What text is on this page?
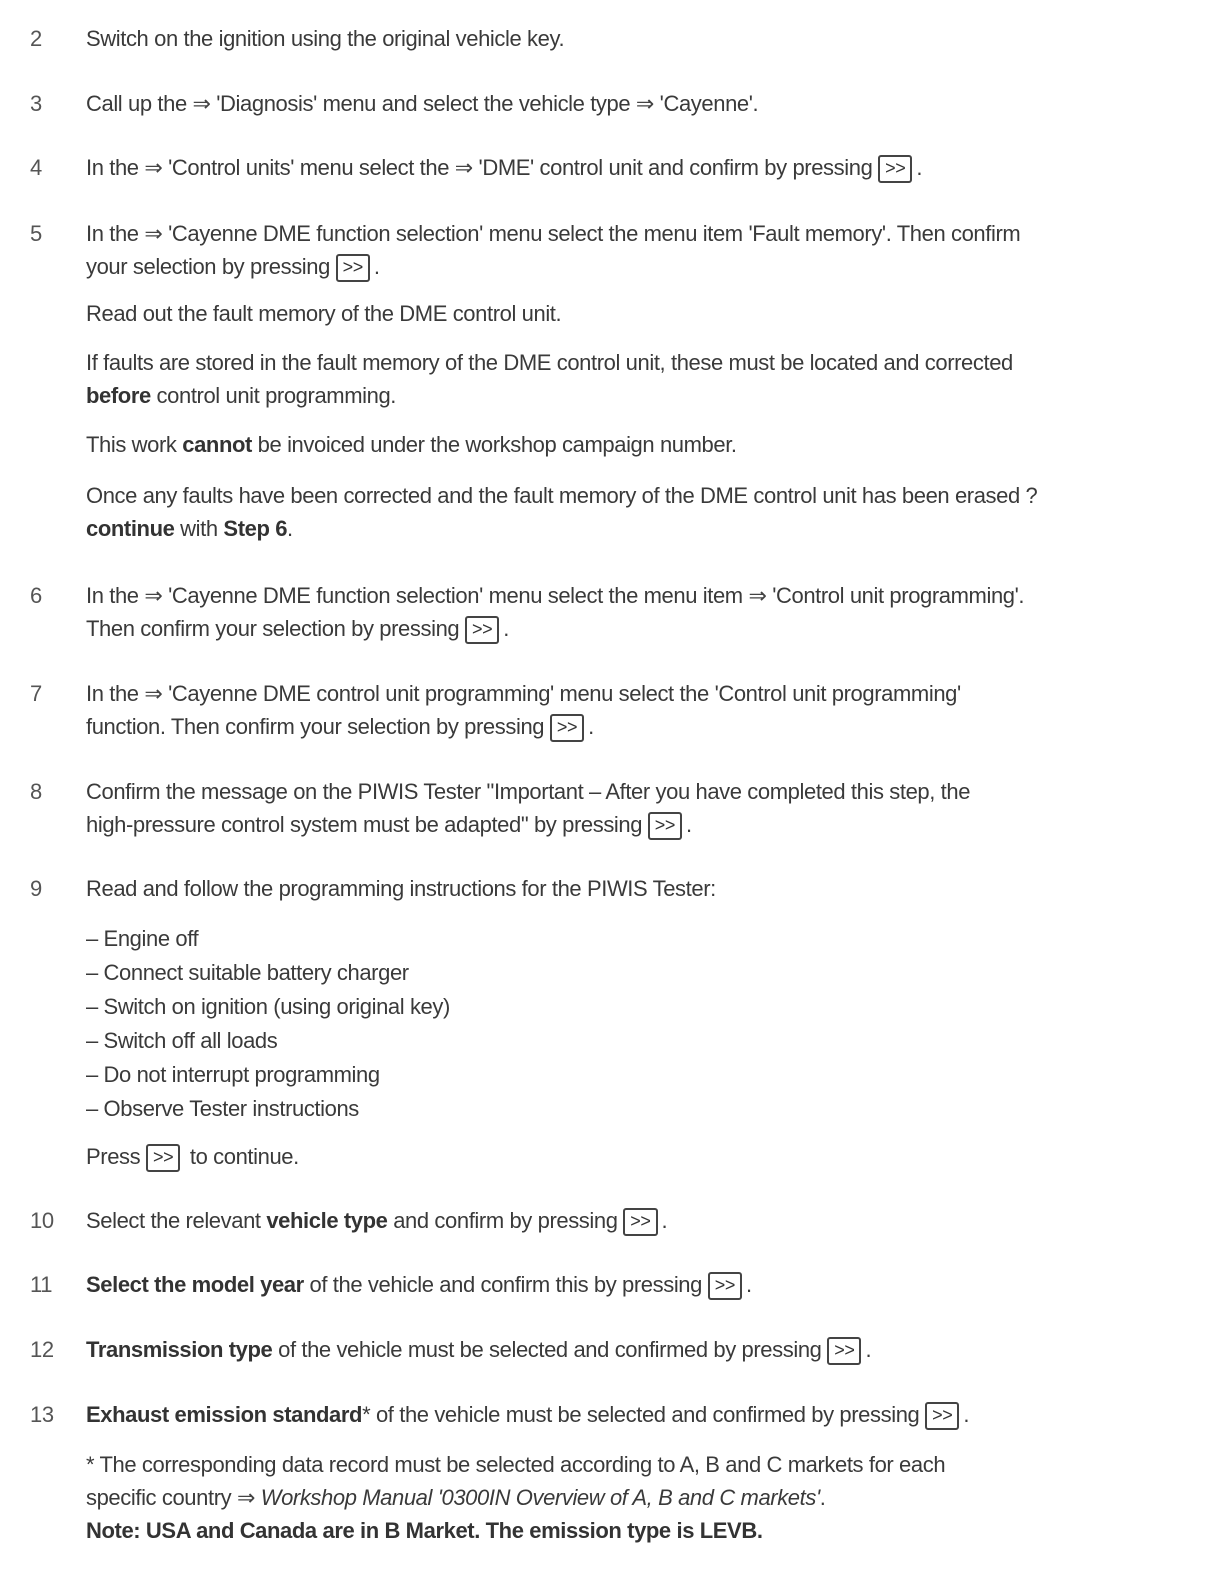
2	Switch on the ignition using the original vehicle key.
3	Call up the ⇒ 'Diagnosis' menu and select the vehicle type ⇒ 'Cayenne'.
4	In the ⇒ 'Control units' menu select the ⇒ 'DME' control unit and confirm by pressing >> .
5	In the ⇒ 'Cayenne DME function selection' menu select the menu item 'Fault memory'. Then confirm
your selection by pressing >> .
Read out the fault memory of the DME control unit.
If faults are stored in the fault memory of the DME control unit, these must be located and corrected
before control unit programming.
This work cannot be invoiced under the workshop campaign number.
Once any faults have been corrected and the fault memory of the DME control unit has been erased ?
continue with Step 6.
6	In the ⇒ 'Cayenne DME function selection' menu select the menu item ⇒ 'Control unit programming'.
Then confirm your selection by pressing >> .
7	In the ⇒ 'Cayenne DME control unit programming' menu select the 'Control unit programming'
function. Then confirm your selection by pressing >> .
8	Confirm the message on the PIWIS Tester "Important – After you have completed this step, the
high-pressure control system must be adapted" by pressing >> .
9	Read and follow the programming instructions for the PIWIS Tester:
– Engine off
– Connect suitable battery charger
– Switch on ignition (using original key)
– Switch off all loads
– Do not interrupt programming
– Observe Tester instructions
Press >> to continue.
10	Select the relevant vehicle type and confirm by pressing >> .
11	Select the model year of the vehicle and confirm this by pressing >> .
12	Transmission type of the vehicle must be selected and confirmed by pressing >> .
13	Exhaust emission standard* of the vehicle must be selected and confirmed by pressing >> .
* The corresponding data record must be selected according to A, B and C markets for each
specific country ⇒ Workshop Manual '0300IN Overview of A, B and C markets'.
Note: USA and Canada are in B Market. The emission type is LEVB.
